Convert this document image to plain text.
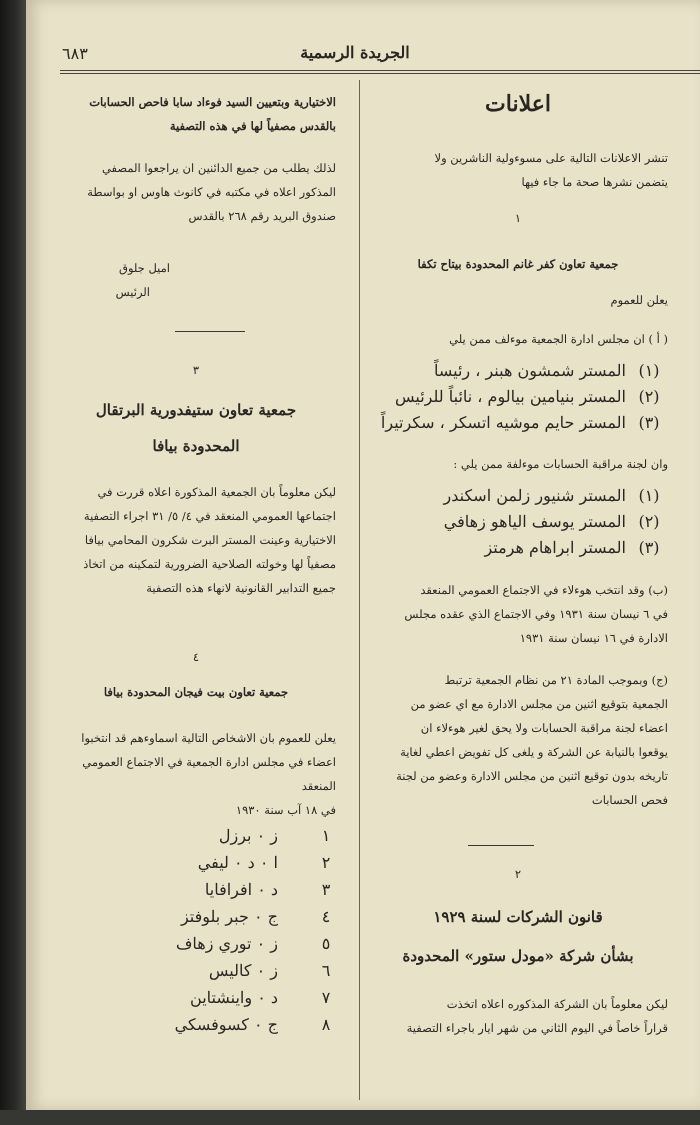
٦٨٣	الجريدة الرسمية
اعلانات
تنشر الاعلانات التالية على مسوءولية الناشرين ولا
يتضمن نشرها صحة ما جاء فيها
١
جمعية تعاون كفر غانم المحدودة بيتاح تكفا
يعلن للعموم
( أ ) ان مجلس ادارة الجمعية موءلف ممن يلي
(١)
المستر شمشون هبنر ، رئيساً
(٢)
المستر بنيامين بيالوم ، نائباً للرئيس
(٣)
المستر حايم موشيه اتسكر ، سكرتيراً
وان لجنة مراقبة الحسابات موءلفة ممن يلي :
(١)
المستر شنيور زلمن اسكندر
(٢)
المستر يوسف الياهو زهافي
(٣)
المستر ابراهام هرمتز
(ب) وقد انتخب هوءلاء في الاجتماع العمومي المنعقد
في ٦ نيسان سنة ١٩٣١ وفي الاجتماع الذي عقده مجلس
الادارة في ١٦ نيسان سنة ١٩٣١
(ج) وبموجب المادة ٢١ من نظام الجمعية ترتبط
الجمعية بتوقيع اثنين من مجلس الادارة مع اي عضو من
اعضاء لجنة مراقبة الحسابات ولا يحق لغير هوءلاء ان
يوقعوا بالنيابة عن الشركة و يلغى كل تفويض اعطي لغاية
تاريخه بدون توقيع اثنين من مجلس الادارة وعضو من لجنة
فحص الحسابات
٢
قانون الشركات لسنة ١٩٢٩
بشأن شركة «مودل ستور» المحدودة
ليكن معلوماً بان الشركة المذكوره اعلاه اتخذت
قراراً خاصاً في اليوم الثاني من شهر ايار باجراء التصفية
الاختيارية وبتعيين السيد فوءاد سابا فاحص الحسابات
بالقدس مصفياً لها في هذه التصفية
لذلك يطلب من جميع الدائنين ان يراجعوا المصفي
المذكور اعلاه في مكتبه في كانوث هاوس او بواسطة
صندوق البريد رقم ٢٦٨ بالقدس
اميل جلوق
الرئيس
٣
جمعية تعاون ستيفدورية البرتقال
المحدودة بيافا
ليكن معلوماً بان الجمعية المذكورة اعلاه قررت في
اجتماعها العمومي المنعقد في ٤/ ٥/ ٣١ اجراء التصفية
الاختيارية وعينت المستر البرت شكرون المحامي بيافا
مصفياً لها وخولته الصلاحية الضرورية لتمكينه من اتخاذ
جميع التدابير القانونية لانهاء هذه التصفية
٤
جمعية تعاون بيت فيجان المحدودة بيافا
يعلن للعموم بان الاشخاص التالية اسماوءهم قد انتخبوا
اعضاء في مجلس ادارة الجمعية في الاجتماع العمومي المنعقد
في ١٨ آب سنة ١٩٣٠
١
ز ٠ برزل
٢
ا ٠ د ٠ ليفي
٣
د ٠ افرافايا
٤
ج ٠ جبر بلوفتز
٥
ز ٠ توري زهاف
٦
ز ٠ كاليس
٧
د ٠ واينشتاين
٨
ج ٠ كسوفسكي
